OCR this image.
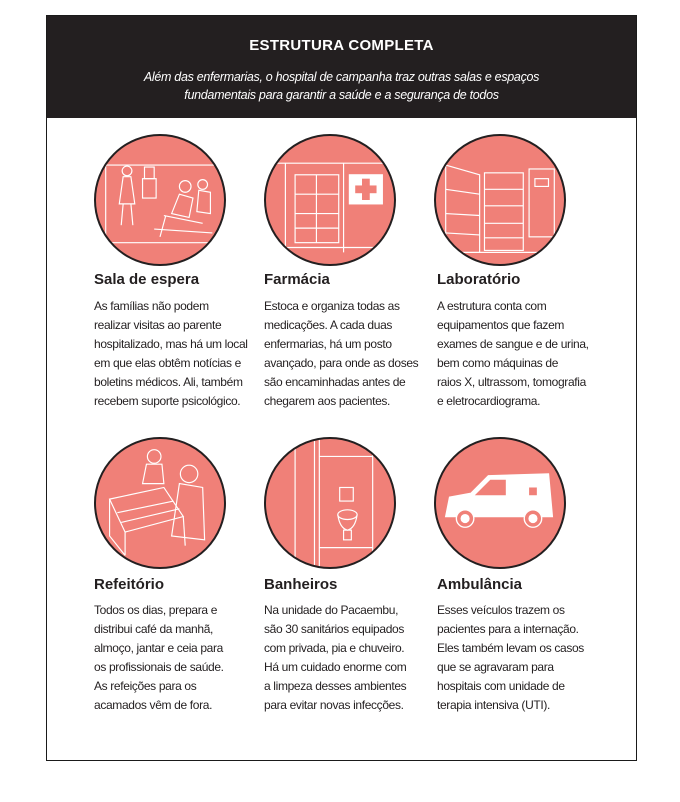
ESTRUTURA COMPLETA
Além das enfermarias, o hospital de campanha traz outras salas e espaços
fundamentais para garantir a saúde e a segurança de todos
Sala de espera
As famílias não podem
realizar visitas ao parente
hospitalizado, mas há um local
em que elas obtêm notícias e
boletins médicos. Ali, também
recebem suporte psicológico.
Farmácia
Estoca e organiza todas as
medicações. A cada duas
enfermarias, há um posto
avançado, para onde as doses
são encaminhadas antes de
chegarem aos pacientes.
Laboratório
A estrutura conta com
equipamentos que fazem
exames de sangue e de urina,
bem como máquinas de
raios X, ultrassom, tomografia
e eletrocardiograma.
Refeitório
Todos os dias, prepara e
distribui café da manhã,
almoço, jantar e ceia para
os profissionais de saúde.
As refeições para os
acamados vêm de fora.
Banheiros
Na unidade do Pacaembu,
são 30 sanitários equipados
com privada, pia e chuveiro.
Há um cuidado enorme com
a limpeza desses ambientes
para evitar novas infecções.
Ambulância
Esses veículos trazem os
pacientes para a internação.
Eles também levam os casos
que se agravaram para
hospitais com unidade de
terapia intensiva (UTI).
